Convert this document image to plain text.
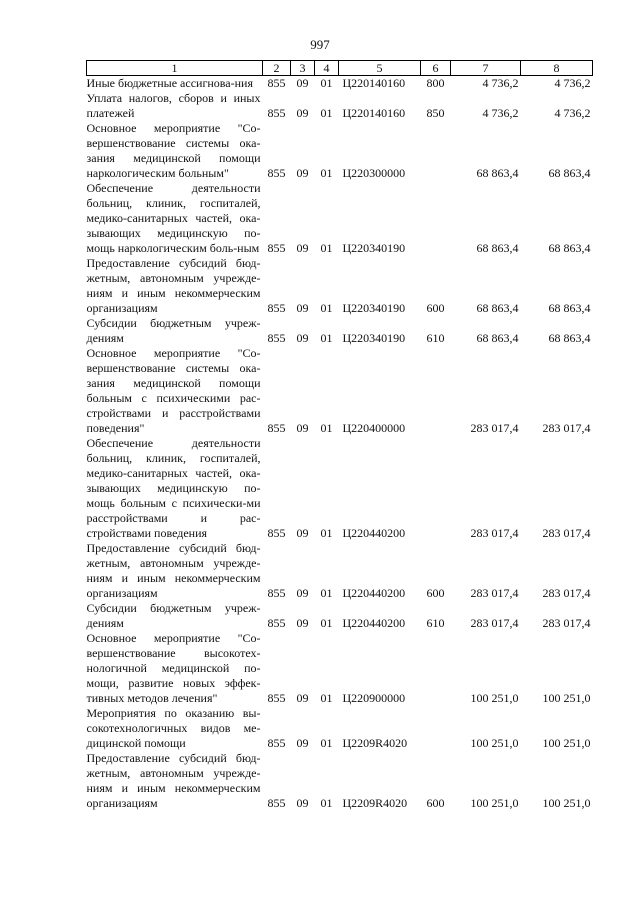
997
1	2	3	4	5	6	7	8
Иные бюджетные ассигнова-ния	855	09	01	Ц220140160	800	4 736,2	4 736,2
Уплата налогов, сборов и иных платежей	855	09	01	Ц220140160	850	4 736,2	4 736,2
Основное мероприятие "Со-вершенствование системы ока-зания медицинской помощи наркологическим больным"	855	09	01	Ц220300000		68 863,4	68 863,4
Обеспечение деятельности больниц, клиник, госпиталей, медико-санитарных частей, ока-зывающих медицинскую по-мощь наркологическим боль-ным	855	09	01	Ц220340190		68 863,4	68 863,4
Предоставление субсидий бюд-жетным, автономным учрежде-ниям и иным некоммерческим организациям	855	09	01	Ц220340190	600	68 863,4	68 863,4
Субсидии бюджетным учреж-дениям	855	09	01	Ц220340190	610	68 863,4	68 863,4
Основное мероприятие "Со-вершенствование системы ока-зания медицинской помощи больным с психическими рас-стройствами и расстройствами поведения"	855	09	01	Ц220400000		283 017,4	283 017,4
Обеспечение деятельности больниц, клиник, госпиталей, медико-санитарных частей, ока-зывающих медицинскую по-мощь больным с психически-ми расстройствами и рас-стройствами поведения	855	09	01	Ц220440200		283 017,4	283 017,4
Предоставление субсидий бюд-жетным, автономным учрежде-ниям и иным некоммерческим организациям	855	09	01	Ц220440200	600	283 017,4	283 017,4
Субсидии бюджетным учреж-дениям	855	09	01	Ц220440200	610	283 017,4	283 017,4
Основное мероприятие "Со-вершенствование высокотех-нологичной медицинской по-мощи, развитие новых эффек-тивных методов лечения"	855	09	01	Ц220900000		100 251,0	100 251,0
Мероприятия по оказанию вы-сокотехнологичных видов ме-дицинской помощи	855	09	01	Ц2209R4020		100 251,0	100 251,0
Предоставление субсидий бюд-жетным, автономным учрежде-ниям и иным некоммерческим организациям	855	09	01	Ц2209R4020	600	100 251,0	100 251,0
